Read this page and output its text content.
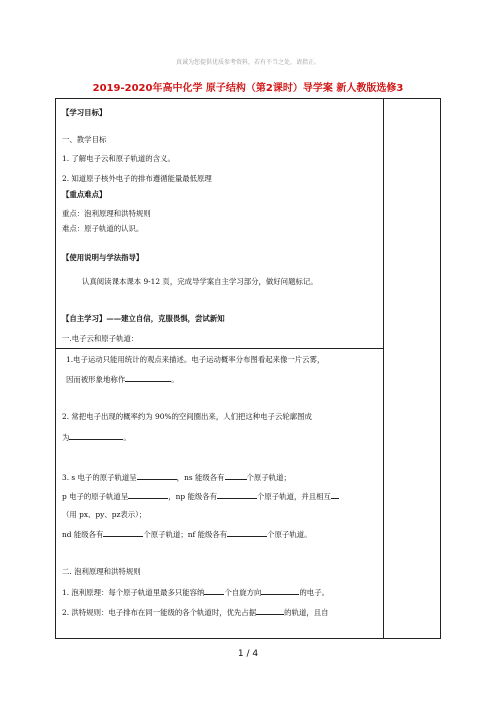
真诚为您提供优质参考资料，若有不当之处，请指正。
2019-2020年高中化学 原子结构（第2课时）导学案 新人教版选修3
【学习目标】
一、教学目标
1. 了解电子云和原子轨道的含义。
2. 知道原子核外电子的排布遵循能量最低原理
【重点难点】
重点：泡利原理和洪特规则
难点：原子轨道的认识。
【使用说明与学法指导】
认真阅读课本课本 9-12 页，完成导学案自主学习部分，做好问题标记。
【自主学习】——建立自信，克服畏惧，尝试新知
一.电子云和原子轨道：
1.电子运动只能用统计的观点来描述。电子运动概率分布图看起来像一片云雾，
因而被形象地称作	。
2. 常把电子出现的概率约为 90%的空间圈出来，人们把这种电子云轮廓图成
为	。
3. s 电子的原子轨道呈	，ns 能级各有	个原子轨道；
p 电子的原子轨道呈	，np 能级各有	个原子轨道，并且相互
（用 px、py、pz表示）；
nd 能级各有	个原子轨道；nf 能级各有	个原子轨道。
二. 泡利原理和洪特规则
1. 泡利原理：每个原子轨道里最多只能容纳	个自旋方向	的电子。
2. 洪特规则：电子排布在同一能级的各个轨道时，优先占据	的轨道，且自
1 / 4
